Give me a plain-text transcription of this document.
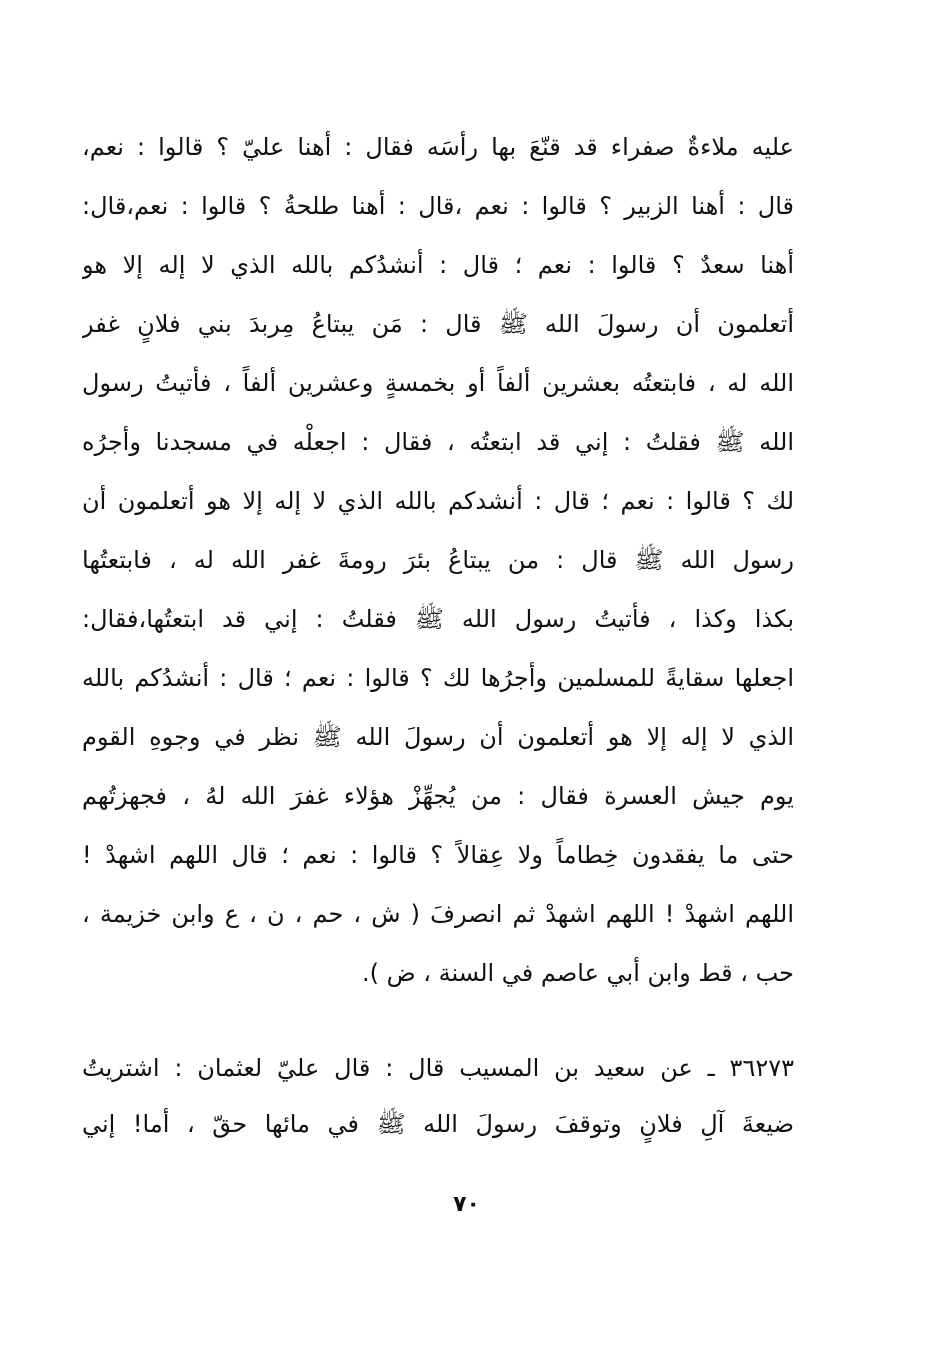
عليه ملاءةٌ صفراء قد قنّعَ بها رأسَه فقال : أهنا عليّ ؟ قالوا : نعم،
قال : أهنا الزبير ؟ قالوا : نعم ،قال : أهنا طلحةُ ؟ قالوا : نعم،قال:
أهنا سعدٌ ؟ قالوا : نعم ؛ قال : أنشدُكم بالله الذي لا إله إلا هو
أتعلمون أن رسولَ الله ﷺ قال : مَن يبتاعُ مِربدَ بني فلانٍ غفر
الله له ، فابتعتُه بعشرين ألفاً أو بخمسةٍ وعشرين ألفاً ، فأتيتُ رسول
الله ﷺ فقلتُ : إني قد ابتعتُه ، فقال : اجعلْه في مسجدنا وأجرُه
لك ؟ قالوا : نعم ؛ قال : أنشدكم بالله الذي لا إله إلا هو أتعلمون أن
رسول الله ﷺ قال : من يبتاعُ بئرَ رومةَ غفر الله له ، فابتعتُها
بكذا وكذا ، فأتيتُ رسول الله ﷺ فقلتُ : إني قد ابتعتُها،فقال:
اجعلها سقايةً للمسلمين وأجرُها لك ؟ قالوا : نعم ؛ قال : أنشدُكم بالله
الذي لا إله إلا هو أتعلمون أن رسولَ الله ﷺ نظر في وجوهِ القوم
يوم جيش العسرة فقال : من يُجهِّزْ هؤلاء غفرَ الله لهُ ، فجهزتُهم
حتى ما يفقدون خِطاماً ولا عِقالاً ؟ قالوا : نعم ؛ قال اللهم اشهدْ !
اللهم اشهدْ ! اللهم اشهدْ ثم انصرفَ ( ش ، حم ، ن ، ع وابن خزيمة ،
حب ، قط وابن أبي عاصم في السنة ، ض ).
٣٦٢٧٣ ـ عن سعيد بن المسيب قال : قال عليّ لعثمان : اشتريتُ
ضيعةَ آلِ فلانٍ وتوقفَ رسولَ الله ﷺ في مائها حقّ ، أما! إني
٧٠
